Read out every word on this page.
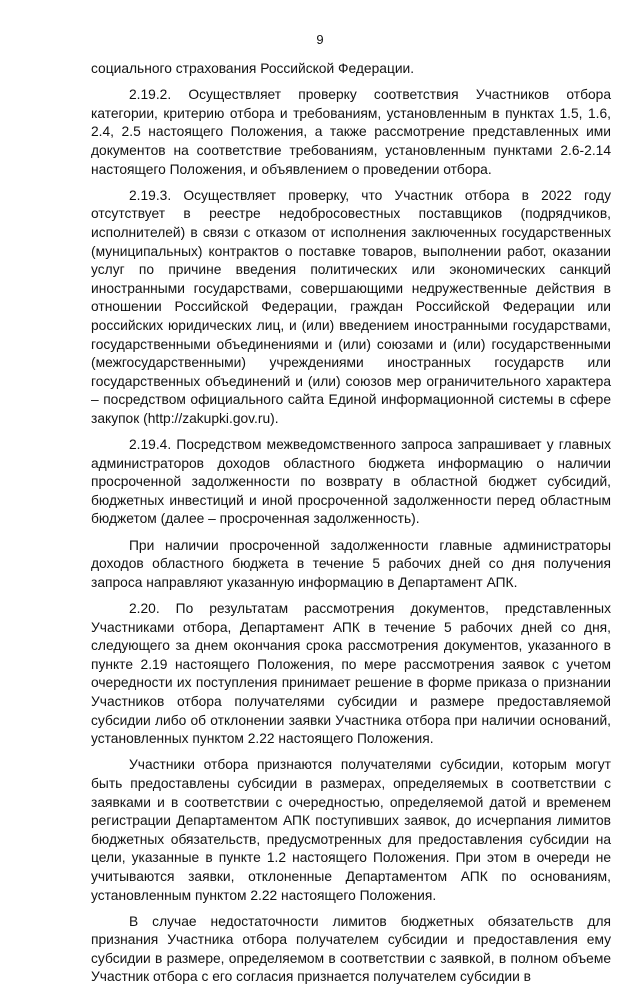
9

социального страхования Российской Федерации.

2.19.2. Осуществляет проверку соответствия Участников отбора категории, критерию отбора и требованиям, установленным в пунктах 1.5, 1.6, 2.4, 2.5 настоящего Положения, а также рассмотрение представленных ими документов на соответствие требованиям, установленным пунктами 2.6-2.14 настоящего Положения, и объявлением о проведении отбора.

2.19.3. Осуществляет проверку, что Участник отбора в 2022 году отсутствует в реестре недобросовестных поставщиков (подрядчиков, исполнителей) в связи с отказом от исполнения заключенных государственных (муниципальных) контрактов о поставке товаров, выполнении работ, оказании услуг по причине введения политических или экономических санкций иностранными государствами, совершающими недружественные действия в отношении Российской Федерации, граждан Российской Федерации или российских юридических лиц, и (или) введением иностранными государствами, государственными объединениями и (или) союзами и (или) государственными (межгосударственными) учреждениями иностранных государств или государственных объединений и (или) союзов мер ограничительного характера – посредством официального сайта Единой информационной системы в сфере закупок (http://zakupki.gov.ru).

2.19.4. Посредством межведомственного запроса запрашивает у главных администраторов доходов областного бюджета информацию о наличии просроченной задолженности по возврату в областной бюджет субсидий, бюджетных инвестиций и иной просроченной задолженности перед областным бюджетом (далее – просроченная задолженность).

При наличии просроченной задолженности главные администраторы доходов областного бюджета в течение 5 рабочих дней со дня получения запроса направляют указанную информацию в Департамент АПК.

2.20. По результатам рассмотрения документов, представленных Участниками отбора, Департамент АПК в течение 5 рабочих дней со дня, следующего за днем окончания срока рассмотрения документов, указанного в пункте 2.19 настоящего Положения, по мере рассмотрения заявок с учетом очередности их поступления принимает решение в форме приказа о признании Участников отбора получателями субсидии и размере предоставляемой субсидии либо об отклонении заявки Участника отбора при наличии оснований, установленных пунктом 2.22 настоящего Положения.

Участники отбора признаются получателями субсидии, которым могут быть предоставлены субсидии в размерах, определяемых в соответствии с заявками и в соответствии с очередностью, определяемой датой и временем регистрации Департаментом АПК поступивших заявок, до исчерпания лимитов бюджетных обязательств, предусмотренных для предоставления субсидии на цели, указанные в пункте 1.2 настоящего Положения. При этом в очереди не учитываются заявки, отклоненные Департаментом АПК по основаниям, установленным пунктом 2.22 настоящего Положения.

В случае недостаточности лимитов бюджетных обязательств для признания Участника отбора получателем субсидии и предоставления ему субсидии в размере, определяемом в соответствии с заявкой, в полном объеме Участник отбора с его согласия признается получателем субсидии в
